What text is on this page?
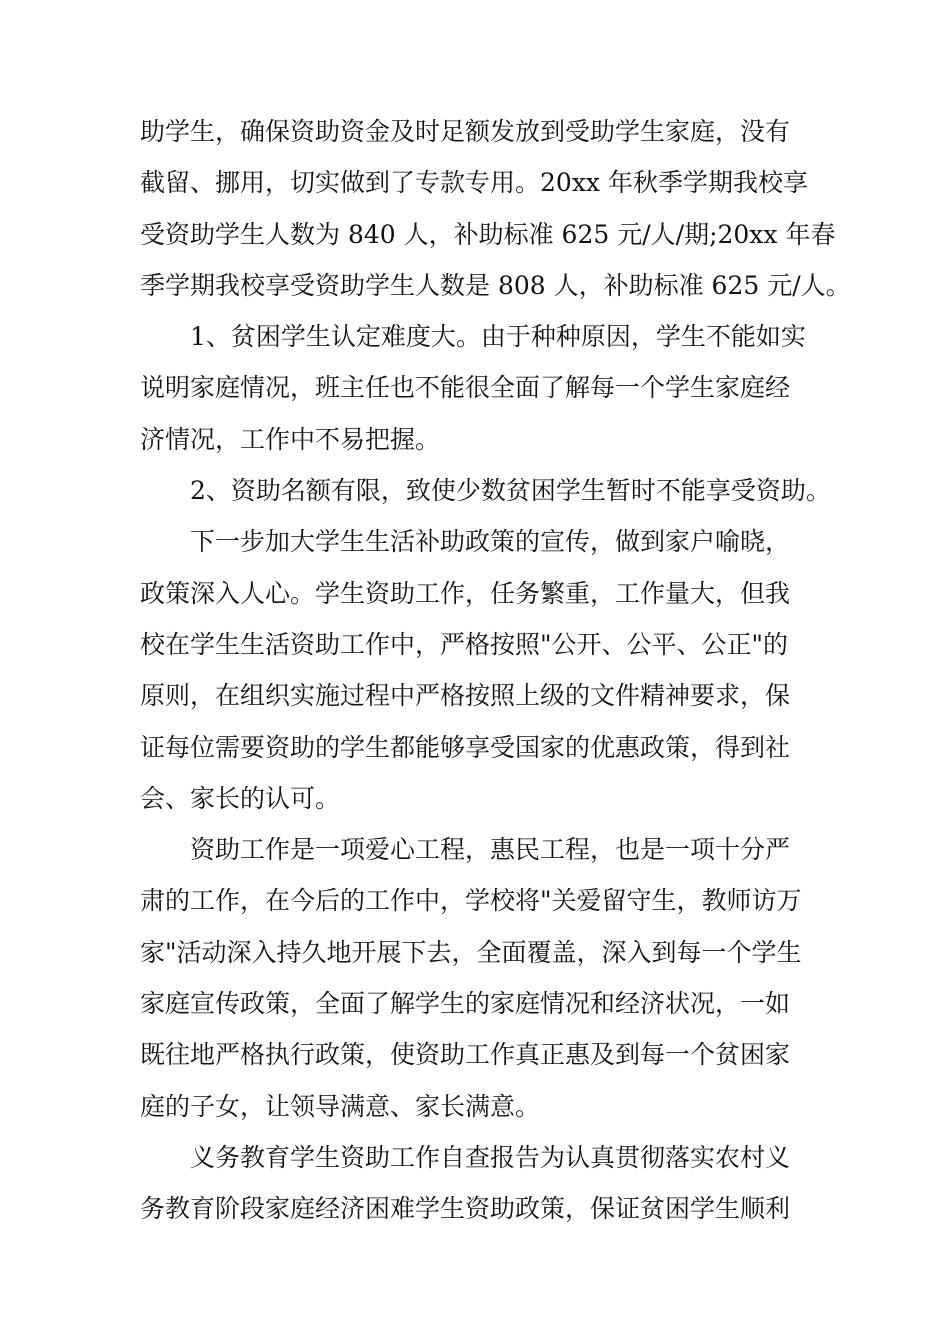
助学生，确保资助资金及时足额发放到受助学生家庭，没有
截留、挪用，切实做到了专款专用。20xx 年秋季学期我校享
受资助学生人数为 840 人，补助标准 625 元/人/期;20xx 年春
季学期我校享受资助学生人数是 808 人，补助标准 625 元/人。
1、贫困学生认定难度大。由于种种原因，学生不能如实
说明家庭情况，班主任也不能很全面了解每一个学生家庭经
济情况，工作中不易把握。
2、资助名额有限，致使少数贫困学生暂时不能享受资助。
下一步加大学生生活补助政策的宣传，做到家户喻晓，
政策深入人心。学生资助工作，任务繁重，工作量大，但我
校在学生生活资助工作中，严格按照"公开、公平、公正"的
原则，在组织实施过程中严格按照上级的文件精神要求，保
证每位需要资助的学生都能够享受国家的优惠政策，得到社
会、家长的认可。
资助工作是一项爱心工程，惠民工程，也是一项十分严
肃的工作，在今后的工作中，学校将"关爱留守生，教师访万
家"活动深入持久地开展下去，全面覆盖，深入到每一个学生
家庭宣传政策，全面了解学生的家庭情况和经济状况，一如
既往地严格执行政策，使资助工作真正惠及到每一个贫困家
庭的子女，让领导满意、家长满意。
义务教育学生资助工作自查报告为认真贯彻落实农村义
务教育阶段家庭经济困难学生资助政策，保证贫困学生顺利
